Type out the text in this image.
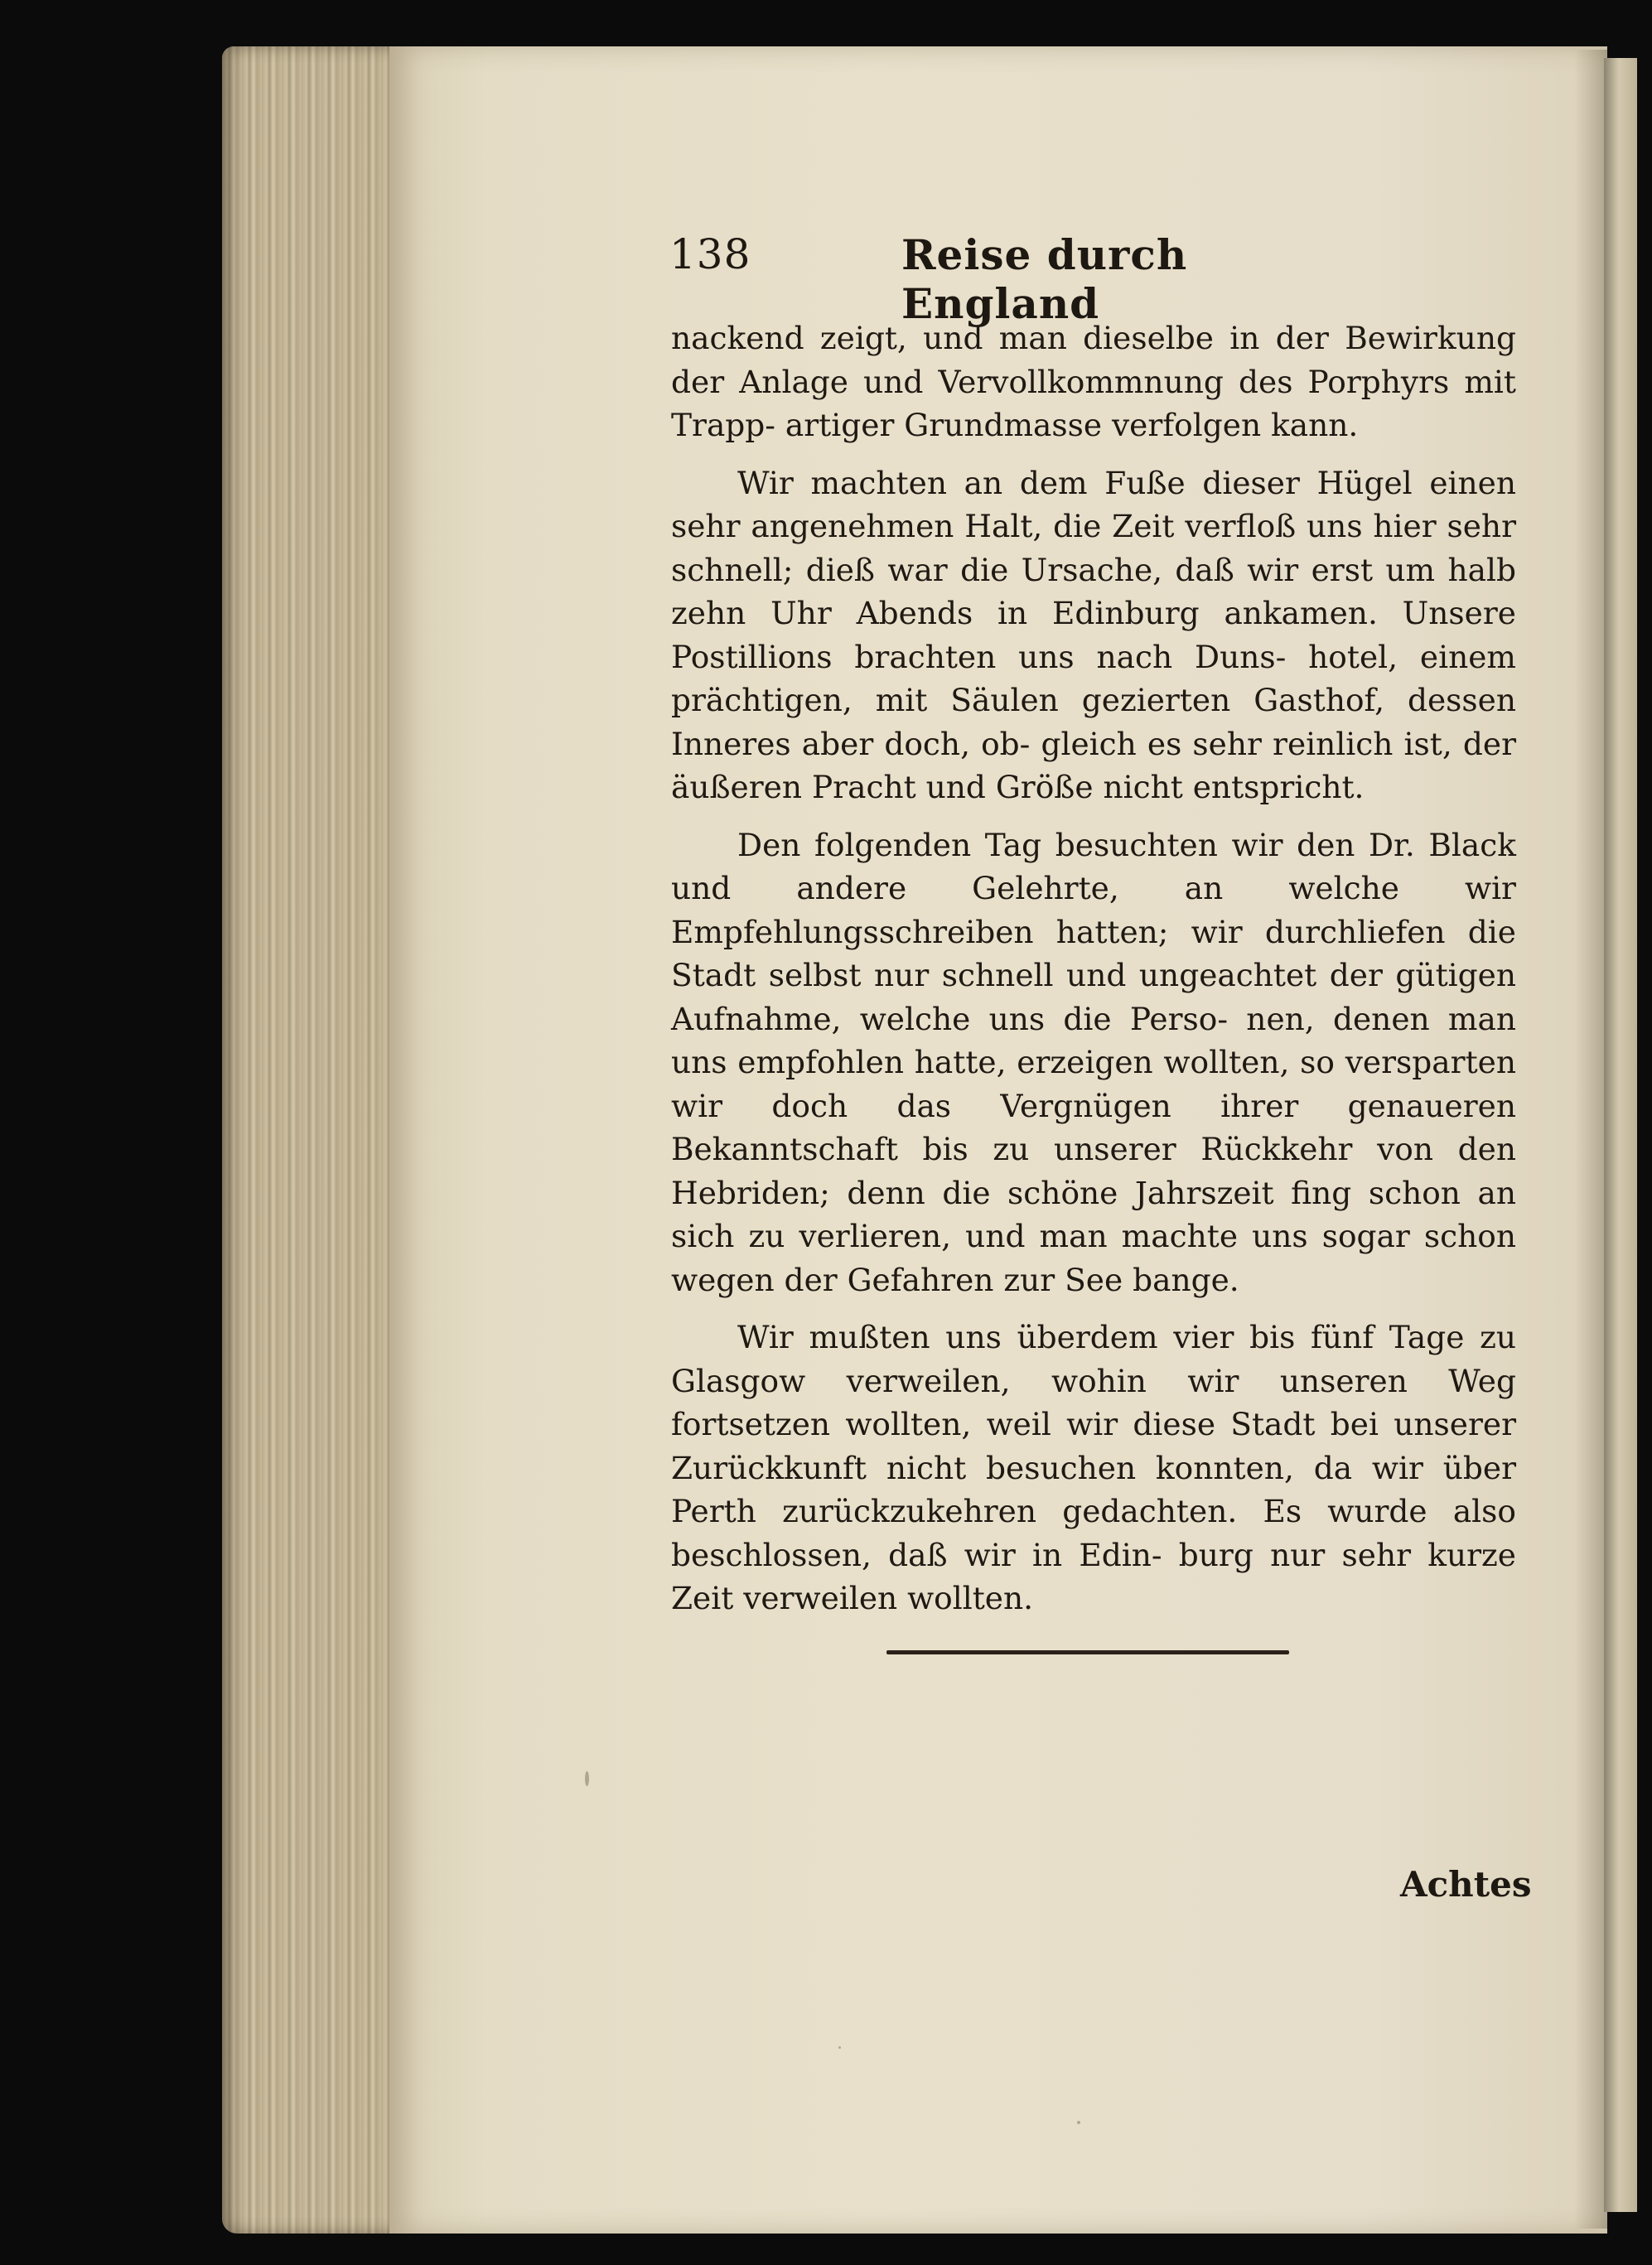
138	Reise durch England

nackend zeigt, und man dieselbe in der Bewirkung der Anlage und Vervollkommnung des Porphyrs mit Trapp- artiger Grundmasse verfolgen kann.

Wir machten an dem Fuße dieser Hügel einen sehr angenehmen Halt, die Zeit verfloß uns hier sehr schnell; dieß war die Ursache, daß wir erst um halb zehn Uhr Abends in Edinburg ankamen. Unsere Postillions brachten uns nach Duns- hotel, einem prächtigen, mit Säulen gezierten Gasthof, dessen Inneres aber doch, ob- gleich es sehr reinlich ist, der äußeren Pracht und Größe nicht entspricht.

Den folgenden Tag besuchten wir den Dr. Black und andere Gelehrte, an welche wir Empfehlungsschreiben hatten; wir durchliefen die Stadt selbst nur schnell und ungeachtet der gütigen Aufnahme, welche uns die Perso- nen, denen man uns empfohlen hatte, erzeigen wollten, so versparten wir doch das Vergnügen ihrer genaueren Bekanntschaft bis zu unserer Rückkehr von den Hebriden; denn die schöne Jahrszeit fing schon an sich zu verlieren, und man machte uns sogar schon wegen der Gefahren zur See bange.

Wir mußten uns überdem vier bis fünf Tage zu Glasgow verweilen, wohin wir unseren Weg fortsetzen wollten, weil wir diese Stadt bei unserer Zurückkunft nicht besuchen konnten, da wir über Perth zurückzukehren gedachten. Es wurde also beschlossen, daß wir in Edin- burg nur sehr kurze Zeit verweilen wollten.

Achtes
